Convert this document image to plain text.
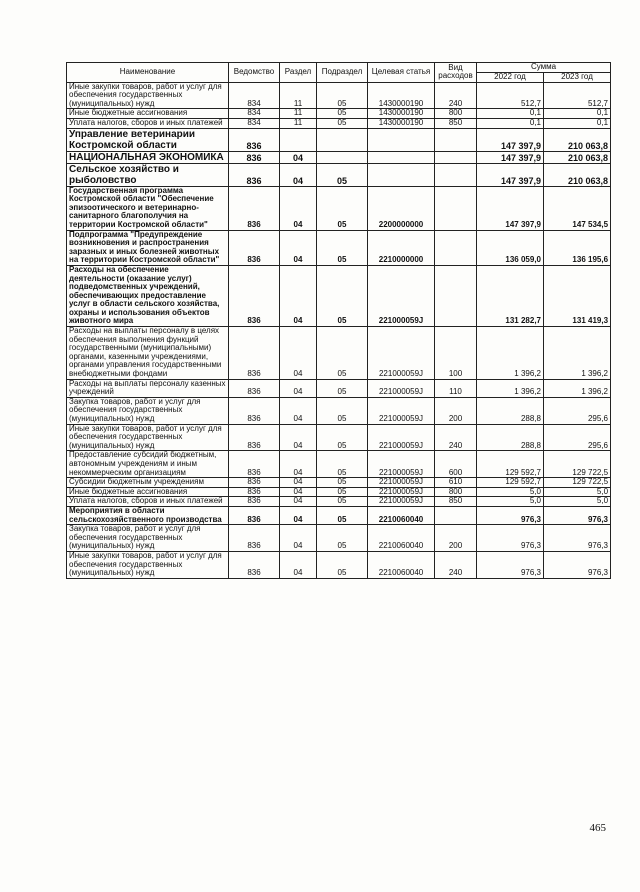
Наименование	Ведомство	Раздел	Подраздел	Целевая статья	Вид расходов	Сумма	
						2022 год	2023 год
Иные закупки товаров, работ и услуг для обеспечения государственных (муниципальных) нужд	834	11	05	1430000190	240	512,7	512,7
Иные бюджетные ассигнования	834	11	05	1430000190	800	0,1	0,1
Уплата налогов, сборов и иных платежей	834	11	05	1430000190	850	0,1	0,1
Управление ветеринарии Костромской области	836					147 397,9	210 063,8
НАЦИОНАЛЬНАЯ ЭКОНОМИКА	836	04				147 397,9	210 063,8
Сельское хозяйство и рыболовство	836	04	05			147 397,9	210 063,8
Государственная программа Костромской области "Обеспечение эпизоотического и ветеринарно-санитарного благополучия на территории Костромской области"	836	04	05	2200000000		147 397,9	147 534,5
Подпрограмма "Предупреждение возникновения и распространения заразных и иных болезней животных на территории Костромской области"	836	04	05	2210000000		136 059,0	136 195,6
Расходы на обеспечение деятельности (оказание услуг) подведомственных учреждений, обеспечивающих предоставление услуг в области сельского хозяйства, охраны и использования объектов животного мира	836	04	05	221000059J		131 282,7	131 419,3
Расходы на выплаты персоналу в целях обеспечения выполнения функций государственными (муниципальными) органами, казенными учреждениями, органами управления государственными внебюджетными фондами	836	04	05	221000059J	100	1 396,2	1 396,2
Расходы на выплаты персоналу казенных учреждений	836	04	05	221000059J	110	1 396,2	1 396,2
Закупка товаров, работ и услуг для обеспечения государственных (муниципальных) нужд	836	04	05	221000059J	200	288,8	295,6
Иные закупки товаров, работ и услуг для обеспечения государственных (муниципальных) нужд	836	04	05	221000059J	240	288,8	295,6
Предоставление субсидий бюджетным, автономным учреждениям и иным некоммерческим организациям	836	04	05	221000059J	600	129 592,7	129 722,5
Субсидии бюджетным учреждениям	836	04	05	221000059J	610	129 592,7	129 722,5
Иные бюджетные ассигнования	836	04	05	221000059J	800	5,0	5,0
Уплата налогов, сборов и иных платежей	836	04	05	221000059J	850	5,0	5,0
Мероприятия в области сельскохозяйственного производства	836	04	05	2210060040		976,3	976,3
Закупка товаров, работ и услуг для обеспечения государственных (муниципальных) нужд	836	04	05	2210060040	200	976,3	976,3
Иные закупки товаров, работ и услуг для обеспечения государственных (муниципальных) нужд	836	04	05	2210060040	240	976,3	976,3
465
